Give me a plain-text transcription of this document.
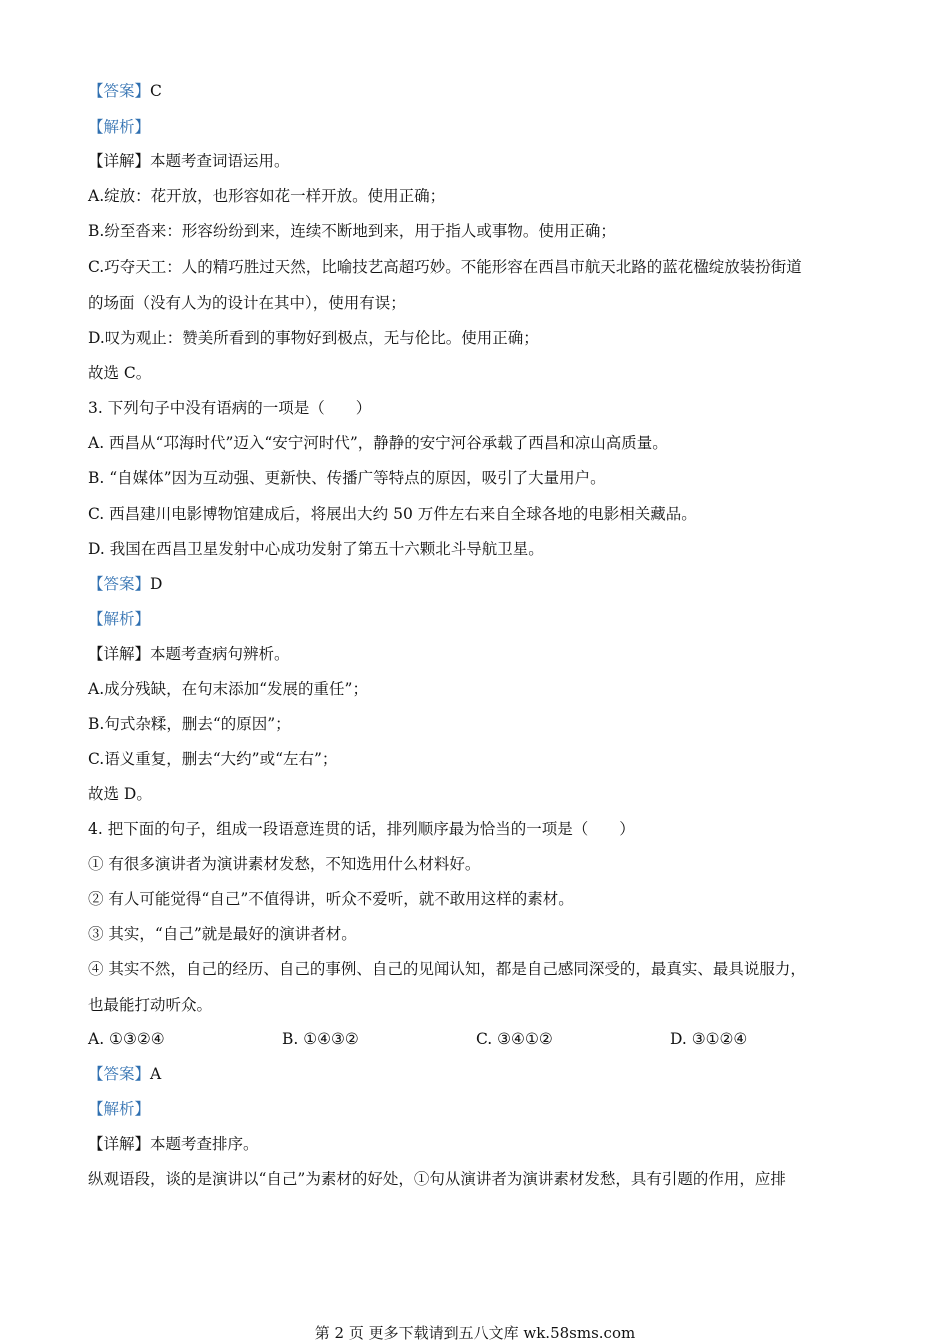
【答案】C
【解析】
【详解】本题考查词语运用。
A.绽放：花开放，也形容如花一样开放。使用正确；
B.纷至沓来：形容纷纷到来，连续不断地到来，用于指人或事物。使用正确；
C.巧夺天工：人的精巧胜过天然，比喻技艺高超巧妙。不能形容在西昌市航天北路的蓝花楹绽放装扮街道
的场面（没有人为的设计在其中），使用有误；
D.叹为观止：赞美所看到的事物好到极点，无与伦比。使用正确；
故选 C。
3. 下列句子中没有语病的一项是（　　）
A. 西昌从“邛海时代”迈入“安宁河时代”，静静的安宁河谷承载了西昌和凉山高质量。
B. “自媒体”因为互动强、更新快、传播广等特点的原因，吸引了大量用户。
C. 西昌建川电影博物馆建成后，将展出大约 50 万件左右来自全球各地的电影相关藏品。
D. 我国在西昌卫星发射中心成功发射了第五十六颗北斗导航卫星。
【答案】D
【解析】
【详解】本题考查病句辨析。
A.成分残缺，在句末添加“发展的重任”；
B.句式杂糅，删去“的原因”；
C.语义重复，删去“大约”或“左右”；
故选 D。
4. 把下面的句子，组成一段语意连贯的话，排列顺序最为恰当的一项是（　　）
① 有很多演讲者为演讲素材发愁，不知选用什么材料好。
② 有人可能觉得“自己”不值得讲，听众不爱听，就不敢用这样的素材。
③ 其实，“自己”就是最好的演讲者材。
④ 其实不然，自己的经历、自己的事例、自己的见闻认知，都是自己感同深受的，最真实、最具说服力，
也最能打动听众。
A. ①③②④	B. ①④③②	C. ③④①②	D. ③①②④
【答案】A
【解析】
【详解】本题考查排序。
纵观语段，谈的是演讲以“自己”为素材的好处，①句从演讲者为演讲素材发愁，具有引题的作用，应排
第 2 页 更多下载请到五八文库 wk.58sms.com
